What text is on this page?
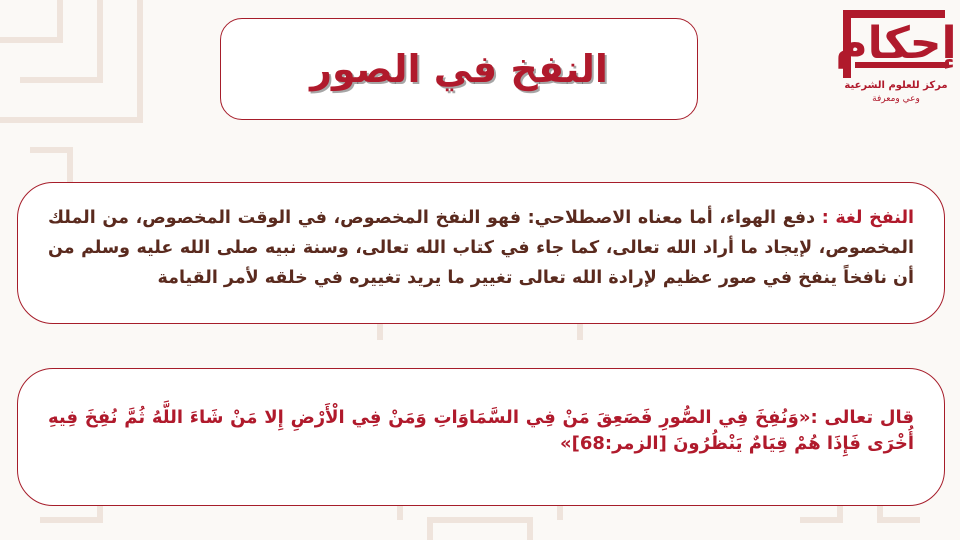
إحكام
مركز للعلوم الشرعية
وعي ومعرفة
النفخ في الصور
النفخ لغة : دفع الهواء، أما معناه الاصطلاحي: فهو النفخ المخصوص، في الوقت المخصوص، من الملك المخصوص، لإيجاد ما أراد الله تعالى، كما جاء في كتاب الله تعالى، وسنة نبيه صلى الله عليه وسلم من أن نافخاً ينفخ في صور عظيم لإرادة الله تعالى تغيير ما يريد تغييره في خلقه لأمر القيامة
قال تعالى :«وَنُفِخَ فِي الصُّورِ فَصَعِقَ مَنْ فِي السَّمَاوَاتِ وَمَنْ فِي الْأَرْضِ إِلا مَنْ شَاءَ اللَّهُ ثُمَّ نُفِخَ فِيهِ أُخْرَى فَإِذَا هُمْ قِيَامٌ يَنْظُرُونَ [الزمر:68]»
